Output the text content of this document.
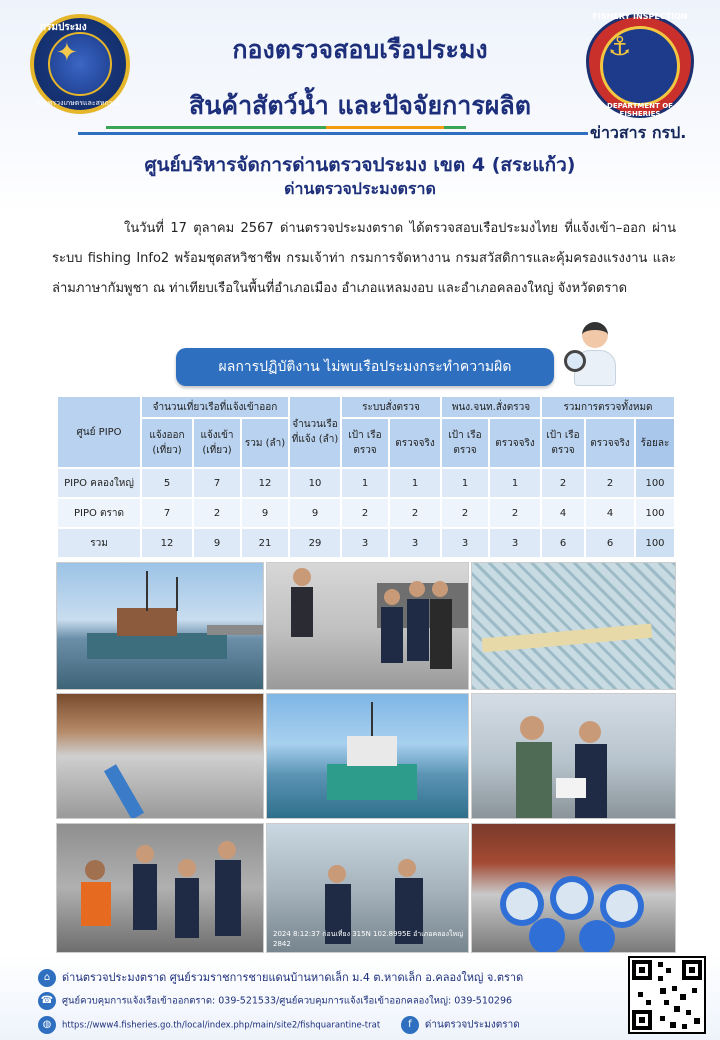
✦
กรมประมง
กระทรวงเกษตรและสหกรณ์
⚓
FISHERY INSPECTION
DEPARTMENT OF FISHERIES
กองตรวจสอบเรือประมง
สินค้าสัตว์น้ำ และปัจจัยการผลิต
ข่าวสาร กรป.
ศูนย์บริหารจัดการด่านตรวจประมง เขต 4 (สระแก้ว)
ด่านตรวจประมงตราด
ในวันที่ 17 ตุลาคม 2567 ด่านตรวจประมงตราด ได้ตรวจสอบเรือประมงไทย ที่แจ้งเข้า–ออก ผ่านระบบ fishing Info2 พร้อมชุดสหวิชาชีพ กรมเจ้าท่า กรมการจัดหางาน กรมสวัสดิการและคุ้มครองแรงงาน และล่ามภาษากัมพูชา ณ ท่าเทียบเรือในพื้นที่อำเภอเมือง อำเภอแหลมงอบ และอำเภอคลองใหญ่ จังหวัดตราด
ผลการปฏิบัติงาน ไม่พบเรือประมงกระทำความผิด
ศูนย์ PIPO	จำนวนเที่ยวเรือที่แจ้งเข้าออก			จำนวนเรือที่แจ้ง (ลำ)	ระบบสั่งตรวจ		พนง.จนท.สั่งตรวจ		รวมการตรวจทั้งหมด		
	แจ้งออก (เที่ยว)	แจ้งเข้า (เที่ยว)	รวม (ลำ)		เป้า เรือตรวจ	ตรวจจริง	เป้า เรือตรวจ	ตรวจจริง	เป้า เรือตรวจ	ตรวจจริง	ร้อยละ
PIPO คลองใหญ่	5	7	12	10	1	1	1	1	2	2	100
PIPO ตราด	7	2	9	9	2	2	2	2	4	4	100
รวม	12	9	21	29	3	3	3	3	6	6	100
2024 8:12:37 ก่อนเที่ยง 315N 102.8995E อำเภอคลองใหญ่ 2842
⌂ ด่านตรวจประมงตราด ศูนย์รวมราชการชายแดนบ้านหาดเล็ก ม.4 ต.หาดเล็ก อ.คลองใหญ่ จ.ตราด
☎ ศูนย์ควบคุมการแจ้งเรือเข้าออกตราด: 039-521533/ศูนย์ควบคุมการแจ้งเรือเข้าออกคลองใหญ่: 039-510296
◍ https://www4.fisheries.go.th/local/index.php/main/site2/fishquarantine-trat	f ด่านตรวจประมงตราด
